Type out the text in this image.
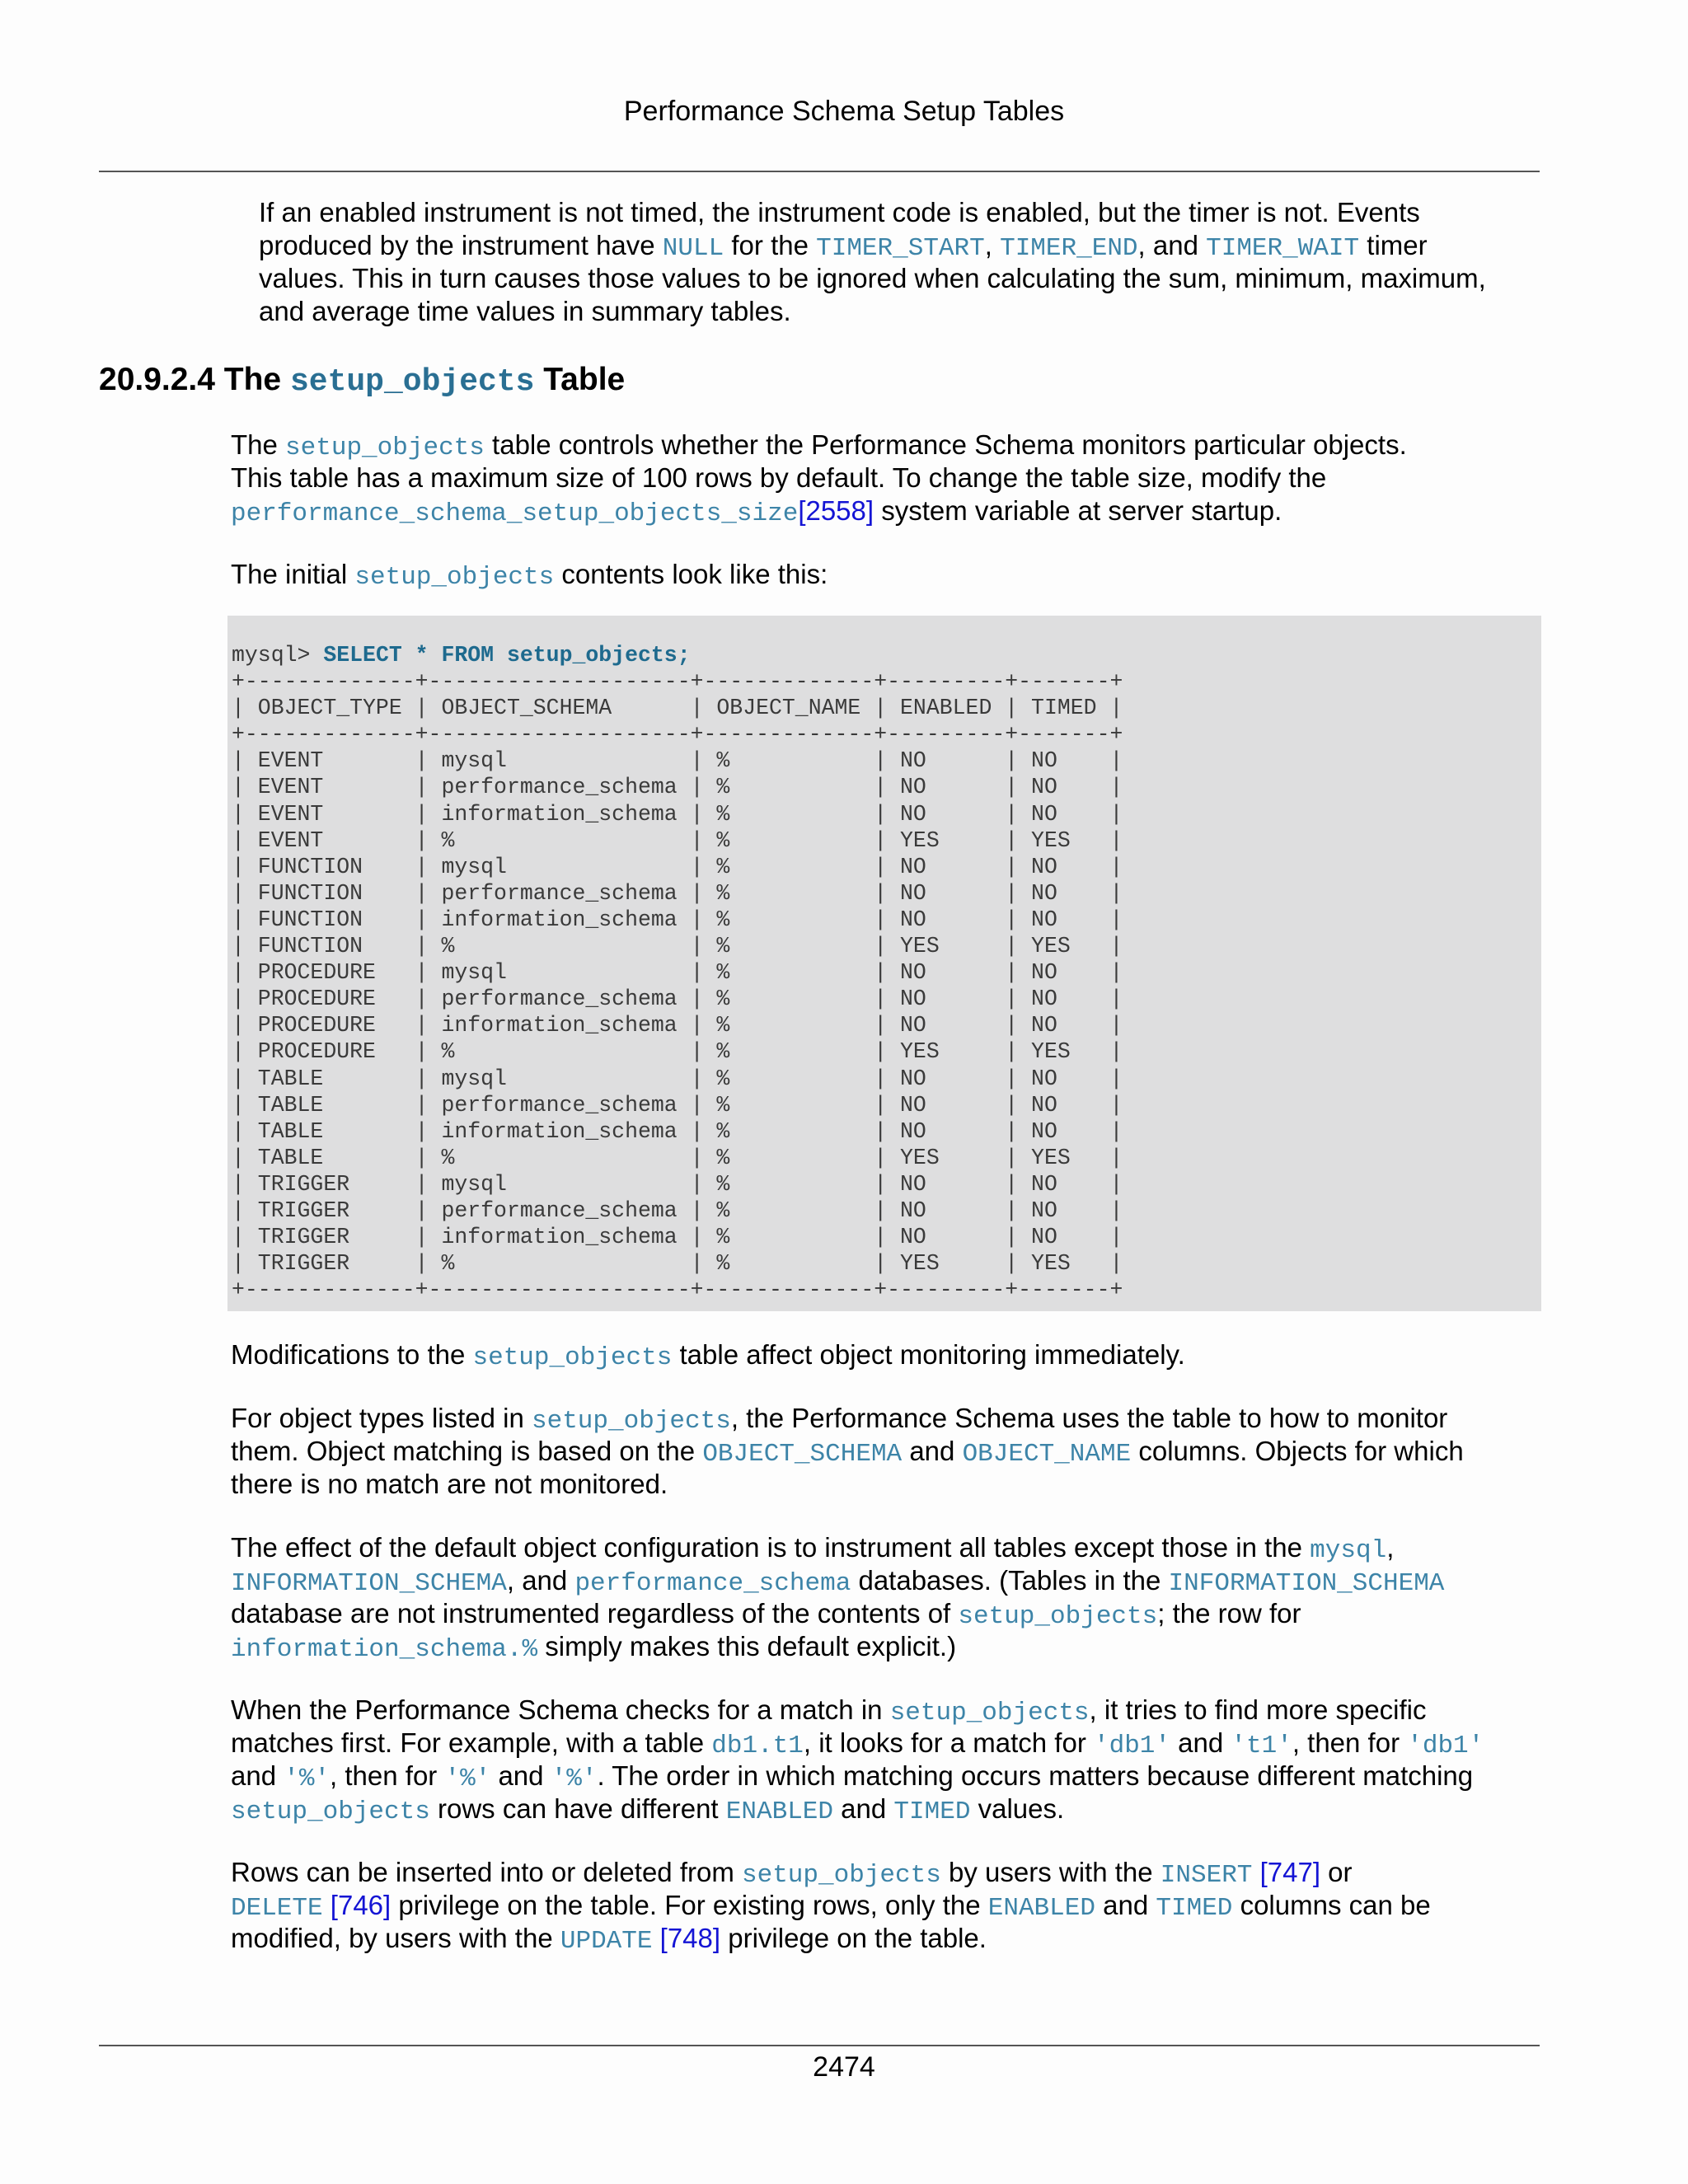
Performance Schema Setup Tables

If an enabled instrument is not timed, the instrument code is enabled, but the timer is not. Events

produced by the instrument have NULL for the TIMER_START, TIMER_END, and TIMER_WAIT timer

values. This in turn causes those values to be ignored when calculating the sum, minimum, maximum,

and average time values in summary tables.

20.9.2.4 The setup_objects Table

The setup_objects table controls whether the Performance Schema monitors particular objects.

This table has a maximum size of 100 rows by default. To change the table size, modify the

performance_schema_setup_objects_size[2558] system variable at server startup.

The initial setup_objects contents look like this:

mysql> SELECT * FROM setup_objects;
+-------------+--------------------+-------------+---------+-------+
| OBJECT_TYPE | OBJECT_SCHEMA      | OBJECT_NAME | ENABLED | TIMED |
+-------------+--------------------+-------------+---------+-------+
| EVENT       | mysql              | %           | NO      | NO    |
| EVENT       | performance_schema | %           | NO      | NO    |
| EVENT       | information_schema | %           | NO      | NO    |
| EVENT       | %                  | %           | YES     | YES   |
| FUNCTION    | mysql              | %           | NO      | NO    |
| FUNCTION    | performance_schema | %           | NO      | NO    |
| FUNCTION    | information_schema | %           | NO      | NO    |
| FUNCTION    | %                  | %           | YES     | YES   |
| PROCEDURE   | mysql              | %           | NO      | NO    |
| PROCEDURE   | performance_schema | %           | NO      | NO    |
| PROCEDURE   | information_schema | %           | NO      | NO    |
| PROCEDURE   | %                  | %           | YES     | YES   |
| TABLE       | mysql              | %           | NO      | NO    |
| TABLE       | performance_schema | %           | NO      | NO    |
| TABLE       | information_schema | %           | NO      | NO    |
| TABLE       | %                  | %           | YES     | YES   |
| TRIGGER     | mysql              | %           | NO      | NO    |
| TRIGGER     | performance_schema | %           | NO      | NO    |
| TRIGGER     | information_schema | %           | NO      | NO    |
| TRIGGER     | %                  | %           | YES     | YES   |
+-------------+--------------------+-------------+---------+-------+

Modifications to the setup_objects table affect object monitoring immediately.

For object types listed in setup_objects, the Performance Schema uses the table to how to monitor

them. Object matching is based on the OBJECT_SCHEMA and OBJECT_NAME columns. Objects for which

there is no match are not monitored.

The effect of the default object configuration is to instrument all tables except those in the mysql,

INFORMATION_SCHEMA, and performance_schema databases. (Tables in the INFORMATION_SCHEMA

database are not instrumented regardless of the contents of setup_objects; the row for

information_schema.% simply makes this default explicit.)

When the Performance Schema checks for a match in setup_objects, it tries to find more specific

matches first. For example, with a table db1.t1, it looks for a match for 'db1' and 't1', then for 'db1'

and '%', then for '%' and '%'. The order in which matching occurs matters because different matching

setup_objects rows can have different ENABLED and TIMED values.

Rows can be inserted into or deleted from setup_objects by users with the INSERT [747] or

DELETE [746] privilege on the table. For existing rows, only the ENABLED and TIMED columns can be

modified, by users with the UPDATE [748] privilege on the table.

2474
